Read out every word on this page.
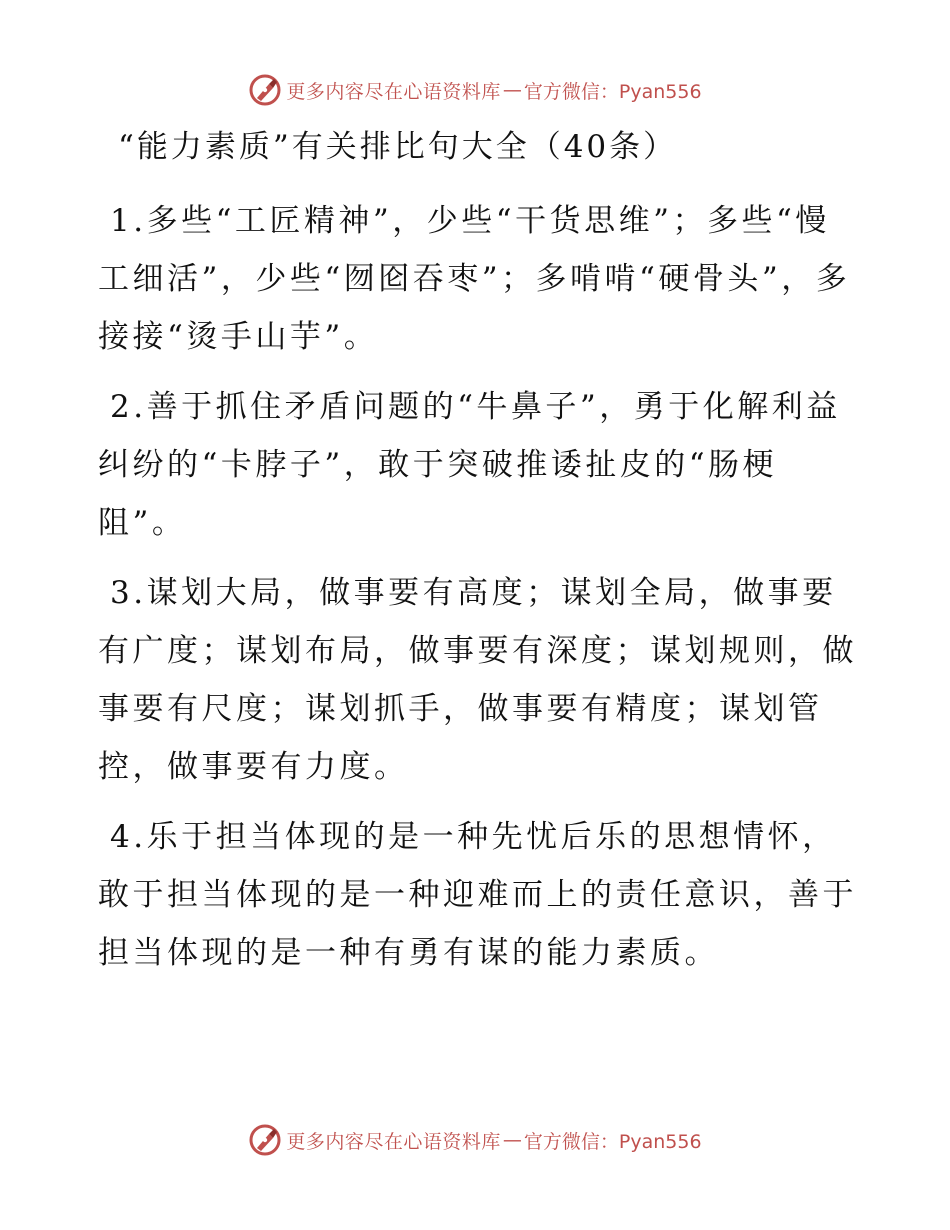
更多内容尽在心语资料库 — 官方微信：Pyan556
“能力素质”有关排比句大全（40条）

1.多些“工匠精神”，少些“干货思维”；多些“慢工细活”，少些“囫囵吞枣”；多啃啃“硬骨头”，多接接“烫手山芋”。

2.善于抓住矛盾问题的“牛鼻子”，勇于化解利益纠纷的“卡脖子”，敢于突破推诿扯皮的“肠梗阻”。

3.谋划大局，做事要有高度；谋划全局，做事要有广度；谋划布局，做事要有深度；谋划规则，做事要有尺度；谋划抓手，做事要有精度；谋划管控，做事要有力度。

4.乐于担当体现的是一种先忧后乐的思想情怀，敢于担当体现的是一种迎难而上的责任意识，善于担当体现的是一种有勇有谋的能力素质。

更多内容尽在心语资料库 — 官方微信：Pyan556
